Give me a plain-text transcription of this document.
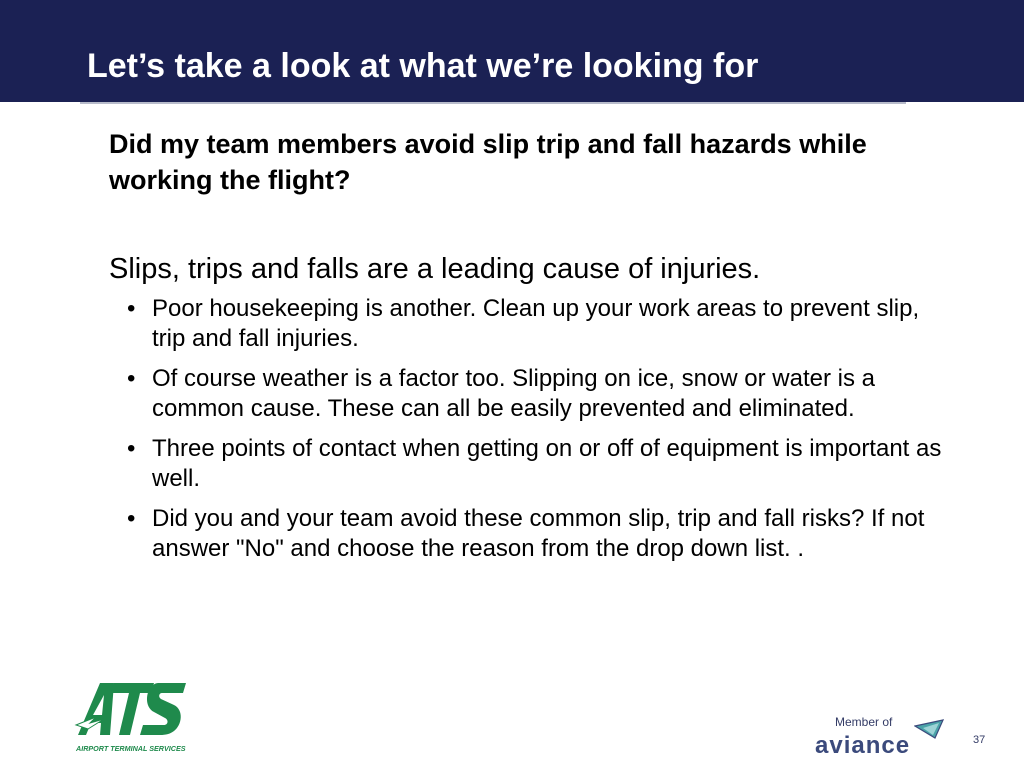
Let’s take a look at what we’re looking for

Did my team members avoid slip trip and fall hazards while working the flight?

Slips, trips and falls are a leading cause of injuries.

• Poor housekeeping is another. Clean up your work areas to prevent slip, trip and fall injuries.
• Of course weather is a factor too. Slipping on ice, snow or water is a common cause. These can all be easily prevented and eliminated.
• Three points of contact when getting on or off of equipment is important as well.
• Did you and your team avoid these common slip, trip and fall risks? If not answer "No" and choose the reason from the drop down list. .
AIRPORT TERMINAL SERVICES
Member of
aviance	37
